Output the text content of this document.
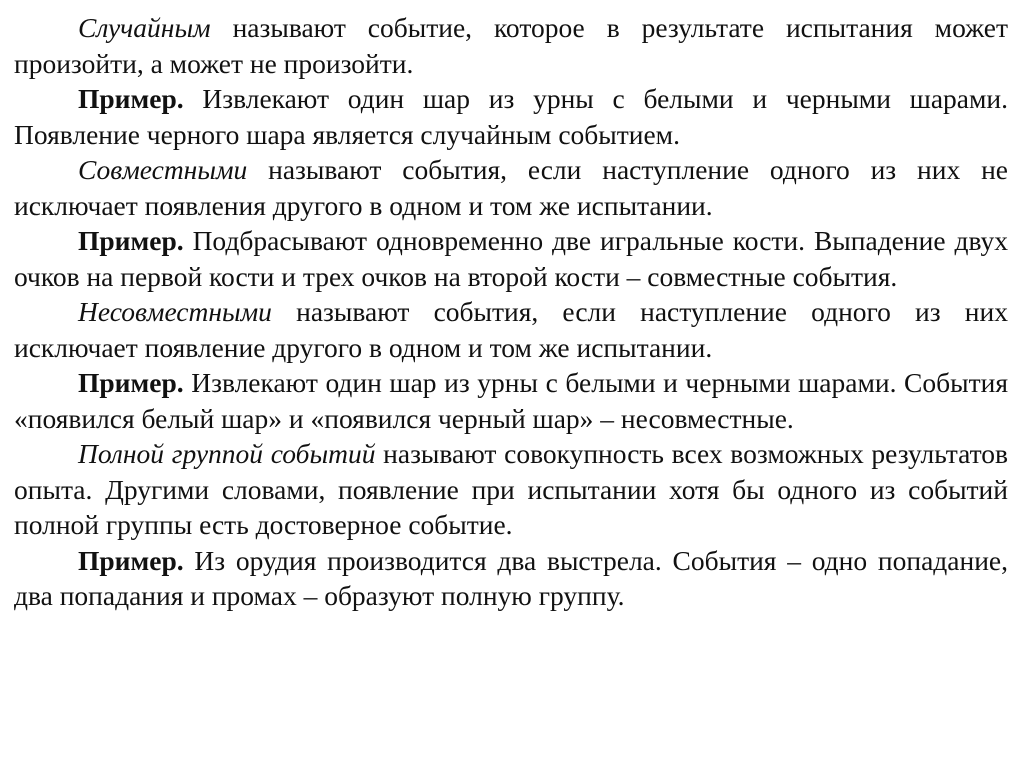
Случайным называют событие, которое в результате испытания может произойти, а может не произойти.

Пример. Извлекают один шар из урны с белыми и черными шарами. Появление черного шара является случайным событием.

Совместными называют события, если наступление одного из них не исключает появления другого в одном и том же испытании.

Пример. Подбрасывают одновременно две игральные кости. Выпадение двух очков на первой кости и трех очков на второй кости – совместные события.

Несовместными называют события, если наступление одного из них исключает появление другого в одном и том же испытании.

Пример. Извлекают один шар из урны с белыми и черными шарами. События «появился белый шар» и «появился черный шар» – несовместные.

Полной группой событий называют совокупность всех возможных результатов опыта. Другими словами, появление при испытании хотя бы одного из событий полной группы есть достоверное событие.

Пример. Из орудия производится два выстрела. События – одно попадание, два попадания и промах – образуют полную группу.
